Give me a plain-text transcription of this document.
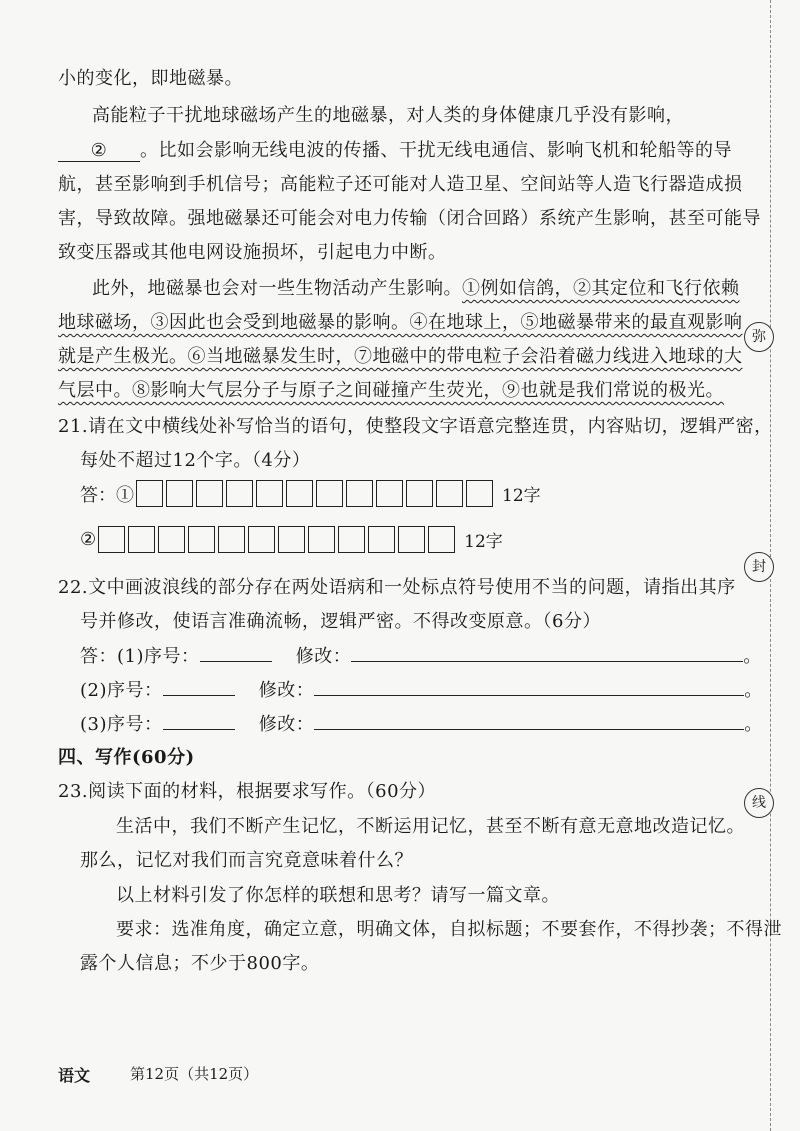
弥
封
线
小的变化，即地磁暴。
高能粒子干扰地球磁场产生的地磁暴，对人类的身体健康几乎没有影响，
② 。比如会影响无线电波的传播、干扰无线电通信、影响飞机和轮船等的导
航，甚至影响到手机信号；高能粒子还可能对人造卫星、空间站等人造飞行器造成损
害，导致故障。强地磁暴还可能会对电力传输（闭合回路）系统产生影响，甚至可能导
致变压器或其他电网设施损坏，引起电力中断。
此外，地磁暴也会对一些生物活动产生影响。①例如信鸽，②其定位和飞行依赖
地球磁场，③因此也会受到地磁暴的影响。④在地球上，⑤地磁暴带来的最直观影响
就是产生极光。⑥当地磁暴发生时，⑦地磁中的带电粒子会沿着磁力线进入地球的大
气层中。⑧影响大气层分子与原子之间碰撞产生荧光，⑨也就是我们常说的极光。
21.请在文中横线处补写恰当的语句，使整段文字语意完整连贯，内容贴切，逻辑严密，
每处不超过12个字。（4分）
答：①	12字
②	12字
22.文中画波浪线的部分存在两处语病和一处标点符号使用不当的问题，请指出其序
号并修改，使语言准确流畅，逻辑严密。不得改变原意。（6分）
答：(1)序号：	修改：	。
(2)序号：	修改：	。
(3)序号：	修改：	。
四、写作(60分)
23.阅读下面的材料，根据要求写作。（60分）
生活中，我们不断产生记忆，不断运用记忆，甚至不断有意无意地改造记忆。
那么，记忆对我们而言究竟意味着什么？
以上材料引发了你怎样的联想和思考？请写一篇文章。
要求：选准角度，确定立意，明确文体，自拟标题；不要套作，不得抄袭；不得泄
露个人信息；不少于800字。
语文	第12页（共12页）
